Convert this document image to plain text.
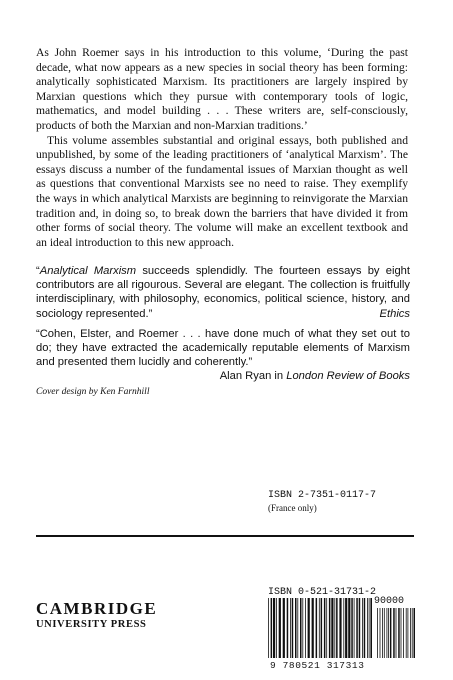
As John Roemer says in his introduction to this volume, ‘During the past decade, what now appears as a new species in social theory has been forming: analytically sophisticated Marxism. Its practitioners are largely inspired by Marxian questions which they pursue with contemporary tools of logic, mathematics, and model building . . . These writers are, self-consciously, products of both the Marxian and non-Marxian traditions.’

This volume assembles substantial and original essays, both published and unpublished, by some of the leading practitioners of ‘analytical Marxism’. The essays discuss a number of the fundamental issues of Marxian thought as well as questions that conventional Marxists see no need to raise. They exemplify the ways in which analytical Marxists are beginning to reinvigorate the Marxian tradition and, in doing so, to break down the barriers that have divided it from other forms of social theory. The volume will make an excellent textbook and an ideal introduction to this new approach.

“Analytical Marxism succeeds splendidly. The fourteen essays by eight contributors are all rigourous. Several are elegant. The collection is fruitfully interdisciplinary, with philosophy, economics, political science, history, and sociology represented.”	Ethics
“Cohen, Elster, and Roemer . . . have done much of what they set out to do; they have extracted the academically reputable elements of Marxism and presented them lucidly and coherently.”
Alan Ryan in London Review of Books
Cover design by Ken Farnhill
ISBN 2-7351-0117-7
(France only)
CAMBRIDGE
UNIVERSITY PRESS
ISBN 0-521-31731-2
90000
9 780521 317313
